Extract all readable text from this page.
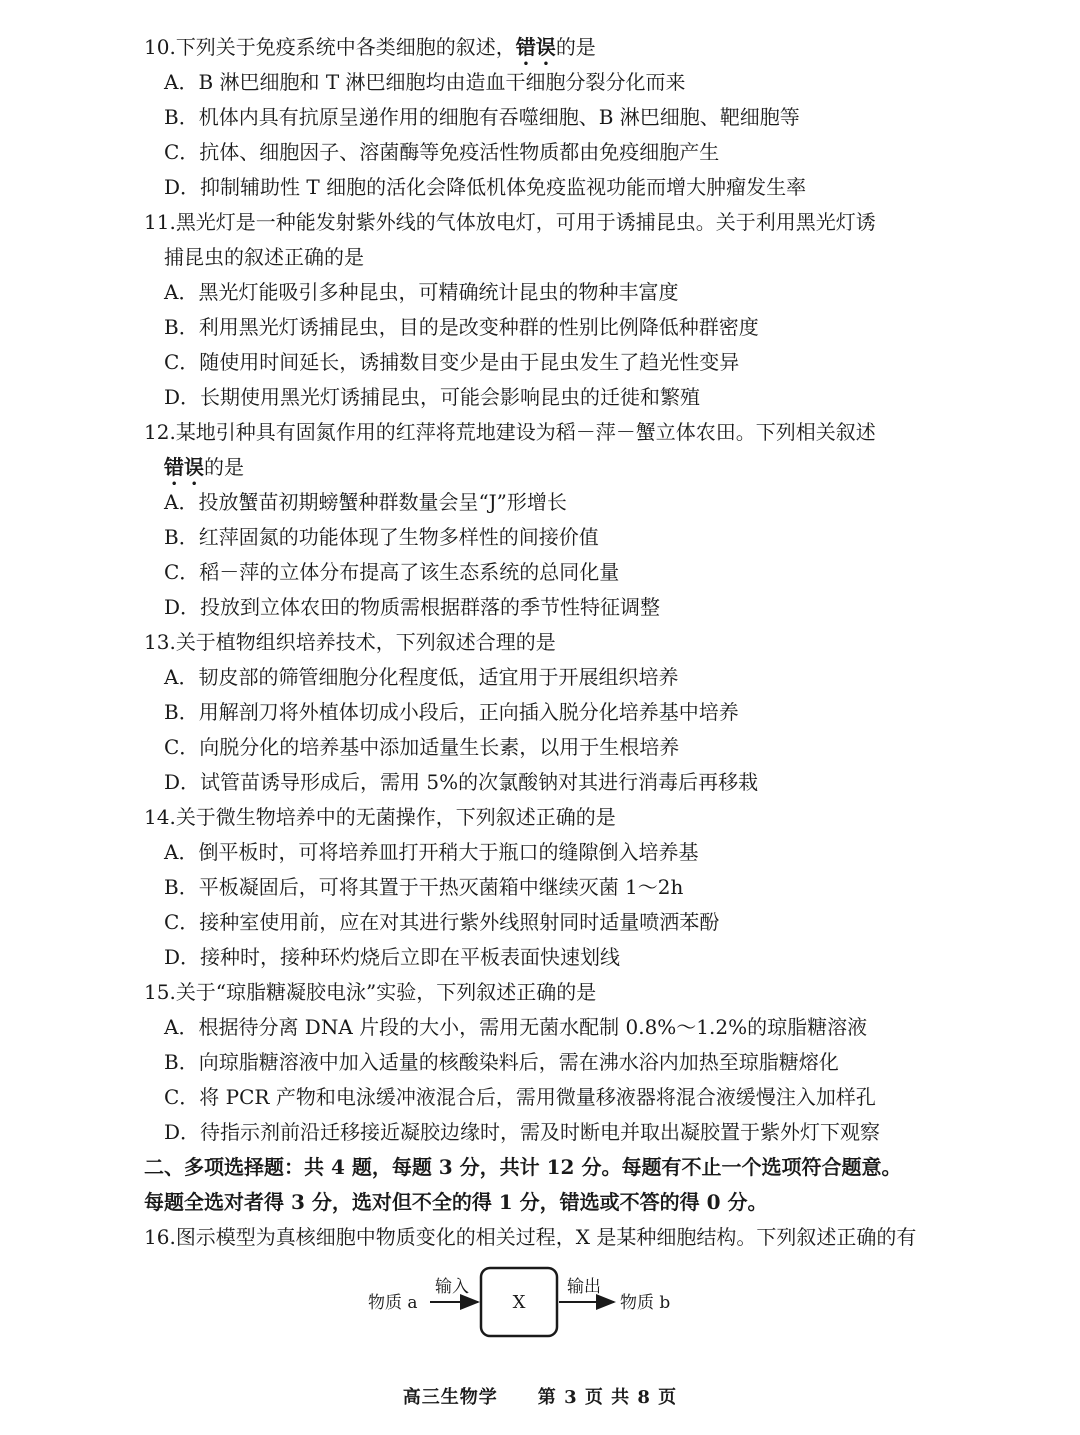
10.下列关于免疫系统中各类细胞的叙述，错误的是
A．B 淋巴细胞和 T 淋巴细胞均由造血干细胞分裂分化而来
B．机体内具有抗原呈递作用的细胞有吞噬细胞、B 淋巴细胞、靶细胞等
C．抗体、细胞因子、溶菌酶等免疫活性物质都由免疫细胞产生
D．抑制辅助性 T 细胞的活化会降低机体免疫监视功能而增大肿瘤发生率
11.黑光灯是一种能发射紫外线的气体放电灯，可用于诱捕昆虫。关于利用黑光灯诱
捕昆虫的叙述正确的是
A．黑光灯能吸引多种昆虫，可精确统计昆虫的物种丰富度
B．利用黑光灯诱捕昆虫，目的是改变种群的性别比例降低种群密度
C．随使用时间延长，诱捕数目变少是由于昆虫发生了趋光性变异
D．长期使用黑光灯诱捕昆虫，可能会影响昆虫的迁徙和繁殖
12.某地引种具有固氮作用的红萍将荒地建设为稻－萍－蟹立体农田。下列相关叙述
错误的是
A．投放蟹苗初期螃蟹种群数量会呈“J”形增长
B．红萍固氮的功能体现了生物多样性的间接价值
C．稻－萍的立体分布提高了该生态系统的总同化量
D．投放到立体农田的物质需根据群落的季节性特征调整
13.关于植物组织培养技术，下列叙述合理的是
A．韧皮部的筛管细胞分化程度低，适宜用于开展组织培养
B．用解剖刀将外植体切成小段后，正向插入脱分化培养基中培养
C．向脱分化的培养基中添加适量生长素，以用于生根培养
D．试管苗诱导形成后，需用 5%的次氯酸钠对其进行消毒后再移栽
14.关于微生物培养中的无菌操作，下列叙述正确的是
A．倒平板时，可将培养皿打开稍大于瓶口的缝隙倒入培养基
B．平板凝固后，可将其置于干热灭菌箱中继续灭菌 1～2h
C．接种室使用前，应在对其进行紫外线照射同时适量喷洒苯酚
D．接种时，接种环灼烧后立即在平板表面快速划线
15.关于“琼脂糖凝胶电泳”实验，下列叙述正确的是
A．根据待分离 DNA 片段的大小，需用无菌水配制 0.8%～1.2%的琼脂糖溶液
B．向琼脂糖溶液中加入适量的核酸染料后，需在沸水浴内加热至琼脂糖熔化
C．将 PCR 产物和电泳缓冲液混合后，需用微量移液器将混合液缓慢注入加样孔
D．待指示剂前沿迁移接近凝胶边缘时，需及时断电并取出凝胶置于紫外灯下观察
二、多项选择题：共 4 题，每题 3 分，共计 12 分。每题有不止一个选项符合题意。
每题全选对者得 3 分，选对但不全的得 1 分，错选或不答的得 0 分。
16.图示模型为真核细胞中物质变化的相关过程，X 是某种细胞结构。下列叙述正确的有
物质 a
输入
X
输出
物质 b
高三生物学 第 3 页 共 8 页
